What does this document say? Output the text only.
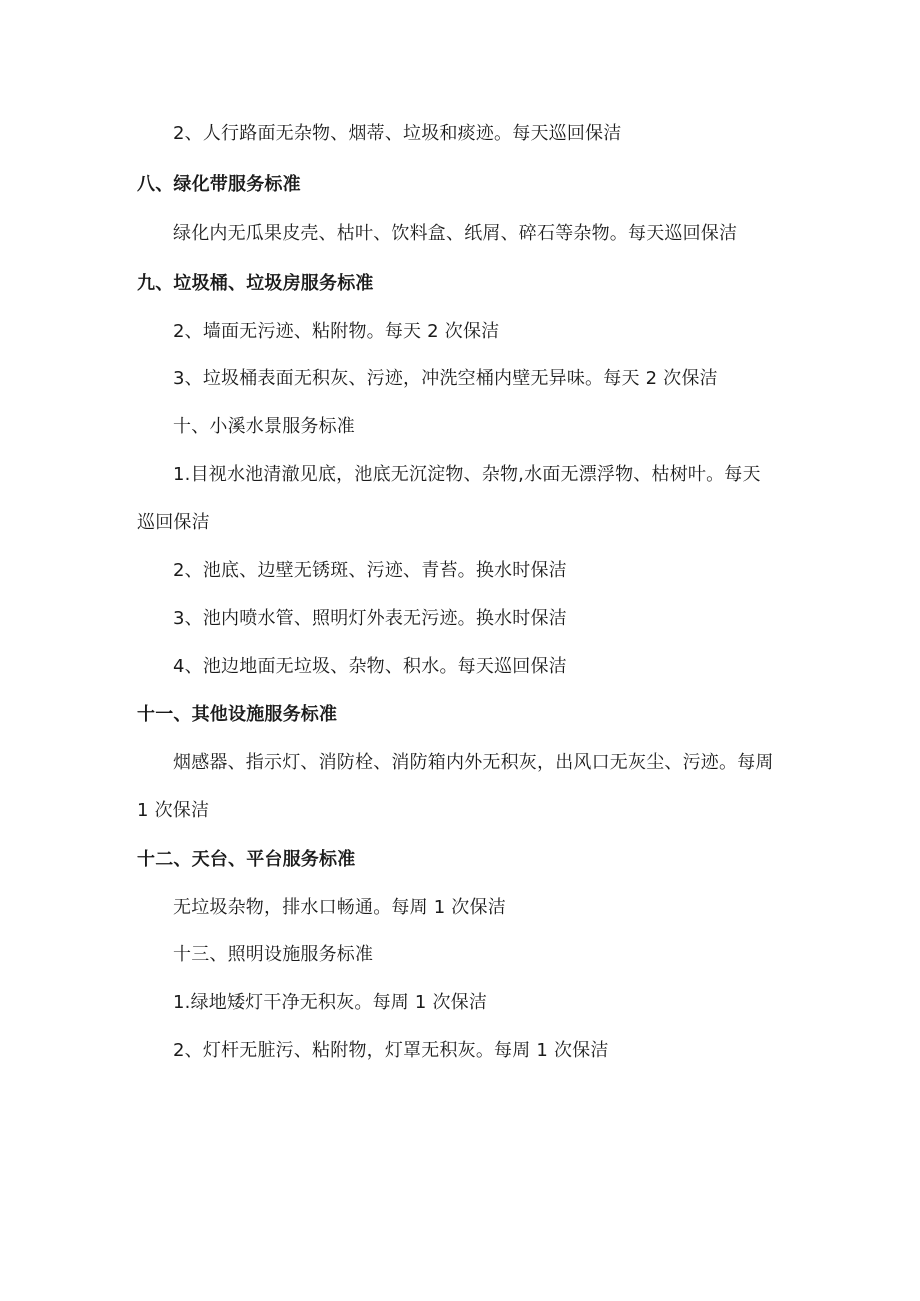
2、人行路面无杂物、烟蒂、垃圾和痰迹。每天巡回保洁
八、绿化带服务标准
绿化内无瓜果皮壳、枯叶、饮料盒、纸屑、碎石等杂物。每天巡回保洁
九、垃圾桶、垃圾房服务标准
2、墙面无污迹、粘附物。每天 2 次保洁
3、垃圾桶表面无积灰、污迹，冲洗空桶内壁无异味。每天 2 次保洁
十、小溪水景服务标准
1.目视水池清澈见底，池底无沉淀物、杂物,水面无漂浮物、枯树叶。每天
巡回保洁
2、池底、边壁无锈斑、污迹、青苔。换水时保洁
3、池内喷水管、照明灯外表无污迹。换水时保洁
4、池边地面无垃圾、杂物、积水。每天巡回保洁
十一、其他设施服务标准
烟感器、指示灯、消防栓、消防箱内外无积灰，出风口无灰尘、污迹。每周
1 次保洁
十二、天台、平台服务标准
无垃圾杂物，排水口畅通。每周 1 次保洁
十三、照明设施服务标准
1.绿地矮灯干净无积灰。每周 1 次保洁
2、灯杆无脏污、粘附物，灯罩无积灰。每周 1 次保洁
